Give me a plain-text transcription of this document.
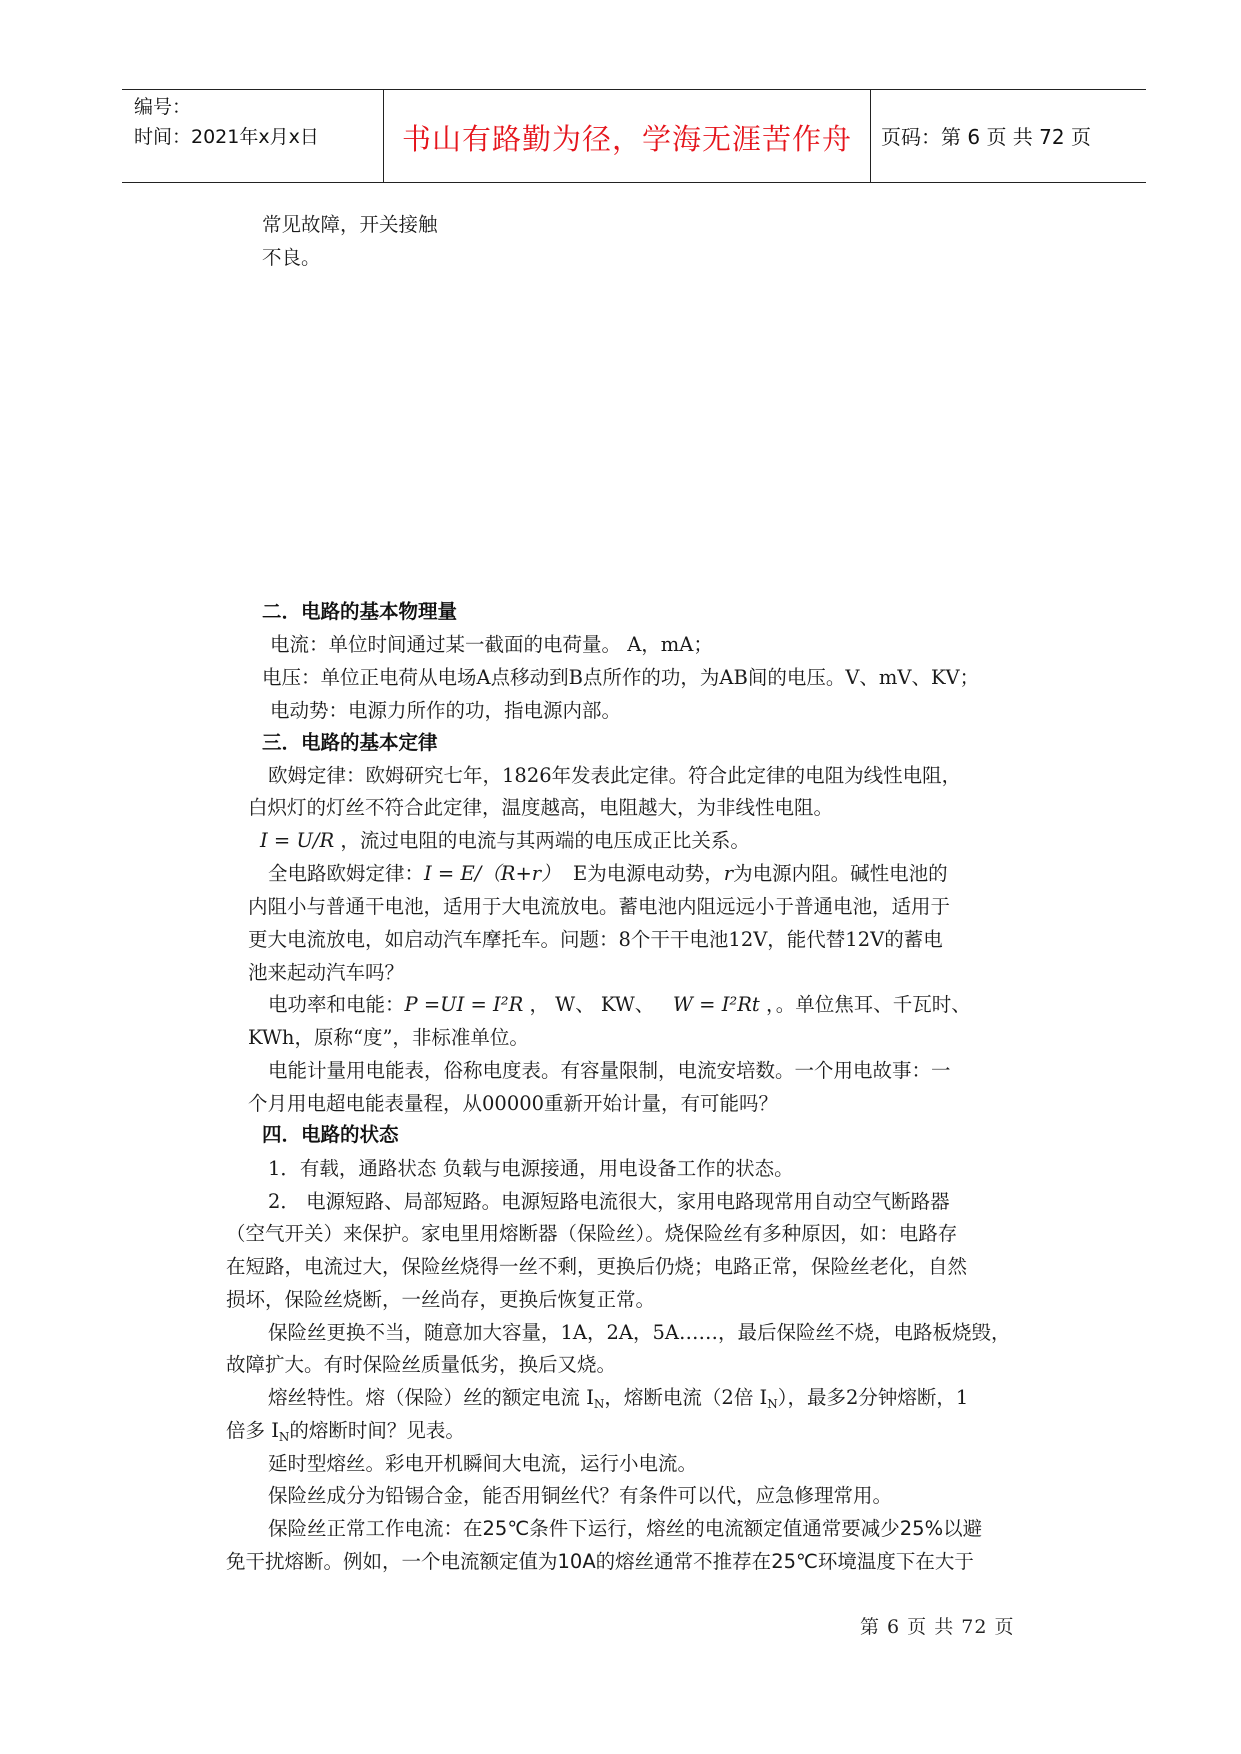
编号：
时间：2021年x月x日	书山有路勤为径，学海无涯苦作舟	页码：第 6 页 共 72 页
常见故障，开关接触
不良。
二．电路的基本物理量
电流：单位时间通过某一截面的电荷量。 A，mA；
电压：单位正电荷从电场A点移动到B点所作的功，为AB间的电压。V、mV、KV；
电动势：电源力所作的功，指电源内部。
三．电路的基本定律
欧姆定律：欧姆研究七年，1826年发表此定律。符合此定律的电阻为线性电阻，
白炽灯的灯丝不符合此定律，温度越高，电阻越大，为非线性电阻。
I = U/R ，流过电阻的电流与其两端的电压成正比关系。
全电路欧姆定律：I = E/（R+r） E为电源电动势，r为电源内阻。碱性电池的
内阻小与普通干电池，适用于大电流放电。蓄电池内阻远远小于普通电池，适用于
更大电流放电，如启动汽车摩托车。问题：8个干干电池12V，能代替12V的蓄电
池来起动汽车吗？
电功率和电能：P =UI = I²R ， W、 KW、 W = I²Rt ，。单位焦耳、千瓦时、
KWh，原称“度”，非标准单位。
电能计量用电能表，俗称电度表。有容量限制，电流安培数。一个用电故事：一
个月用电超电能表量程，从00000重新开始计量，有可能吗？
四．电路的状态
1．有载，通路状态 负载与电源接通，用电设备工作的状态。
2． 电源短路、局部短路。电源短路电流很大，家用电路现常用自动空气断路器
（空气开关）来保护。家电里用熔断器（保险丝）。烧保险丝有多种原因，如：电路存
在短路，电流过大，保险丝烧得一丝不剩，更换后仍烧；电路正常，保险丝老化，自然
损坏，保险丝烧断，一丝尚存，更换后恢复正常。
保险丝更换不当，随意加大容量，1A，2A，5A……，最后保险丝不烧，电路板烧毁，
故障扩大。有时保险丝质量低劣，换后又烧。
熔丝特性。熔（保险）丝的额定电流 $I_N$，熔断电流（2倍 $I_N$），最多2分钟熔断，1
倍多 $I_N$的熔断时间？见表。
延时型熔丝。彩电开机瞬间大电流，运行小电流。
保险丝成分为铅锡合金，能否用铜丝代？有条件可以代，应急修理常用。
保险丝正常工作电流：在25℃条件下运行，熔丝的电流额定值通常要减少25%以避
免干扰熔断。例如，一个电流额定值为10A的熔丝通常不推荐在25℃环境温度下在大于
第 6 页 共 72 页
